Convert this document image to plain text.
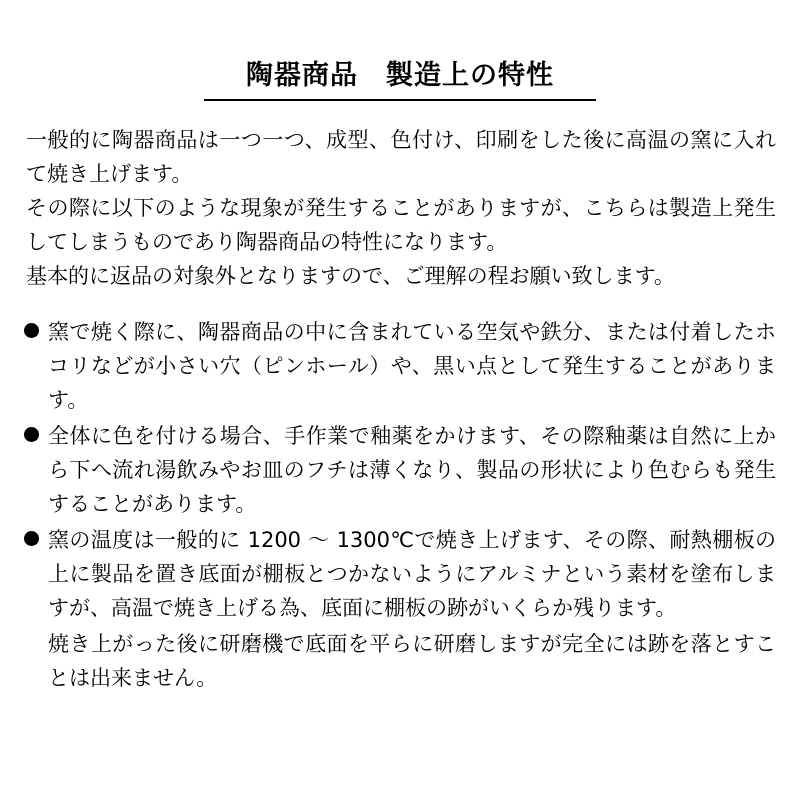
陶器商品　製造上の特性

一般的に陶器商品は一つ一つ、成型、色付け、印刷をした後に高温の窯に入れて焼き上げます。

その際に以下のような現象が発生することがありますが、こちらは製造上発生してしまうものであり陶器商品の特性になります。

基本的に返品の対象外となりますので、ご理解の程お願い致します。

窯で焼く際に、陶器商品の中に含まれている空気や鉄分、または付着したホコリなどが小さい穴（ピンホール）や、黒い点として発生することがあります。
全体に色を付ける場合、手作業で釉薬をかけます、その際釉薬は自然に上から下へ流れ湯飲みやお皿のフチは薄くなり、製品の形状により色むらも発生することがあります。
窯の温度は一般的に 1200 〜 1300℃で焼き上げます、その際、耐熱棚板の上に製品を置き底面が棚板とつかないようにアルミナという素材を塗布しますが、高温で焼き上げる為、底面に棚板の跡がいくらか残ります。

焼き上がった後に研磨機で底面を平らに研磨しますが完全には跡を落とすことは出来ません。
